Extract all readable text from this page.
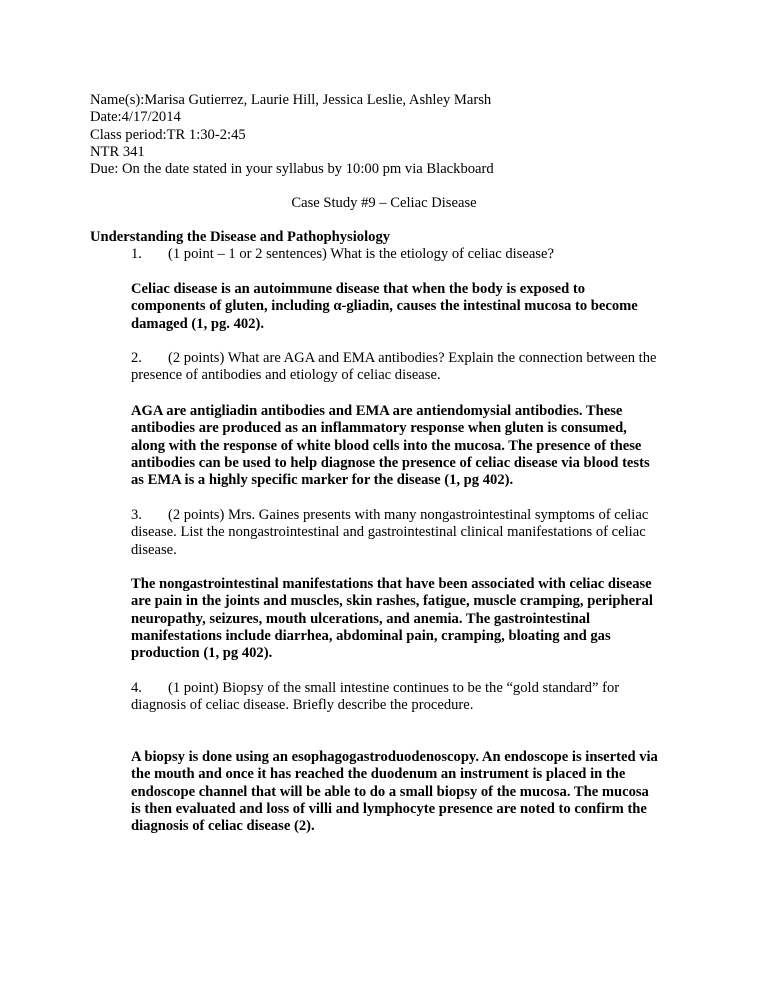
Name(s):Marisa Gutierrez, Laurie Hill, Jessica Leslie, Ashley Marsh
Date:4/17/2014
Class period:TR 1:30-2:45
NTR 341
Due: On the date stated in your syllabus by 10:00 pm via Blackboard
Case Study #9 – Celiac Disease
Understanding the Disease and Pathophysiology
1. (1 point – 1 or 2 sentences) What is the etiology of celiac disease?
Celiac disease is an autoimmune disease that when the body is exposed to
components of gluten, including α-gliadin, causes the intestinal mucosa to become
damaged (1, pg. 402).
2. (2 points) What are AGA and EMA antibodies? Explain the connection between the
presence of antibodies and etiology of celiac disease.
AGA are antigliadin antibodies and EMA are antiendomysial antibodies. These
antibodies are produced as an inflammatory response when gluten is consumed,
along with the response of white blood cells into the mucosa. The presence of these
antibodies can be used to help diagnose the presence of celiac disease via blood tests
as EMA is a highly specific marker for the disease (1, pg 402).
3. (2 points) Mrs. Gaines presents with many nongastrointestinal symptoms of celiac
disease. List the nongastrointestinal and gastrointestinal clinical manifestations of celiac
disease.
The nongastrointestinal manifestations that have been associated with celiac disease
are pain in the joints and muscles, skin rashes, fatigue, muscle cramping, peripheral
neuropathy, seizures, mouth ulcerations, and anemia. The gastrointestinal
manifestations include diarrhea, abdominal pain, cramping, bloating and gas
production (1, pg 402).
4. (1 point) Biopsy of the small intestine continues to be the “gold standard” for
diagnosis of celiac disease. Briefly describe the procedure.
A biopsy is done using an esophagogastroduodenoscopy. An endoscope is inserted via
the mouth and once it has reached the duodenum an instrument is placed in the
endoscope channel that will be able to do a small biopsy of the mucosa. The mucosa
is then evaluated and loss of villi and lymphocyte presence are noted to confirm the
diagnosis of celiac disease (2).
